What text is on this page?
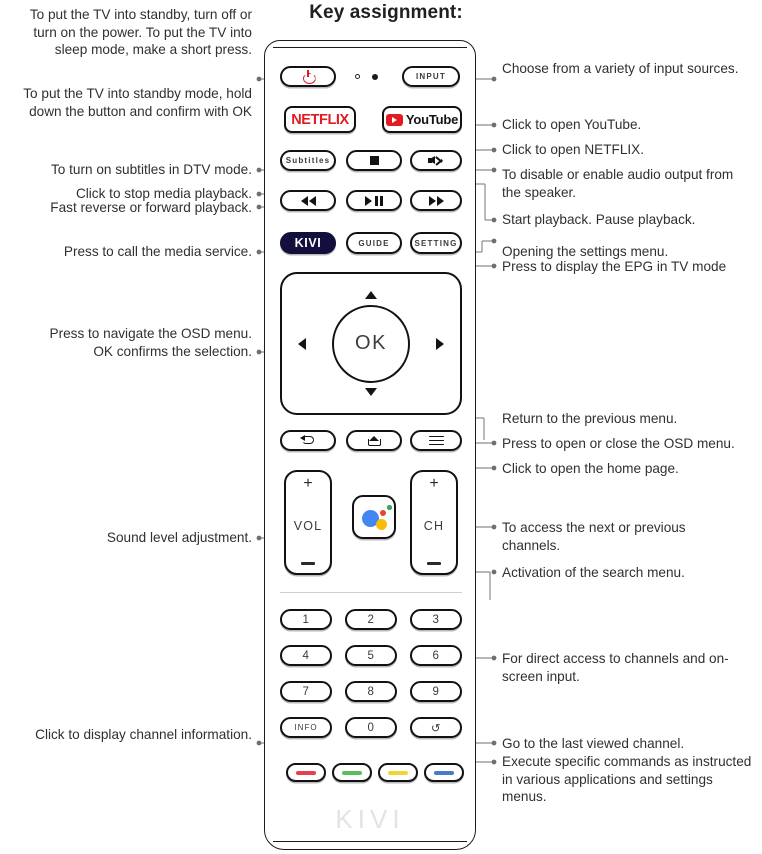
Key assignment:
To put the TV into standby, turn off or turn on the power. To put the TV into sleep mode, make a short press.
To put the TV into standby mode, hold down the button and confirm with OK
To turn on subtitles in DTV mode.
Click to stop media playback.
Fast reverse or forward playback.
Press to call the media service.
Press to navigate the OSD menu. OK confirms the selection.
Sound level adjustment.
Click to display channel information.
Choose from a variety of input sources.
Click to open YouTube.
Click to open NETFLIX.
To disable or enable audio output from the speaker.
Start playback. Pause playback.
Opening the settings menu.
Press to display the EPG in TV mode
Return to the previous menu.
Press to open or close the OSD menu.
Click to open the home page.
To access the next or previous channels.
Activation of the search menu.
For direct access to channels and on-screen input.
Go to the last viewed channel.
Execute specific commands as instructed in various applications and settings menus.
INPUT
NETFLIX	YouTube
Subtitles
KIVI	GUIDE	SETTING
OK
+
VOL
+
CH
1	2	3
4	5	6
7	8	9
INFO	0	↺
KIVI
